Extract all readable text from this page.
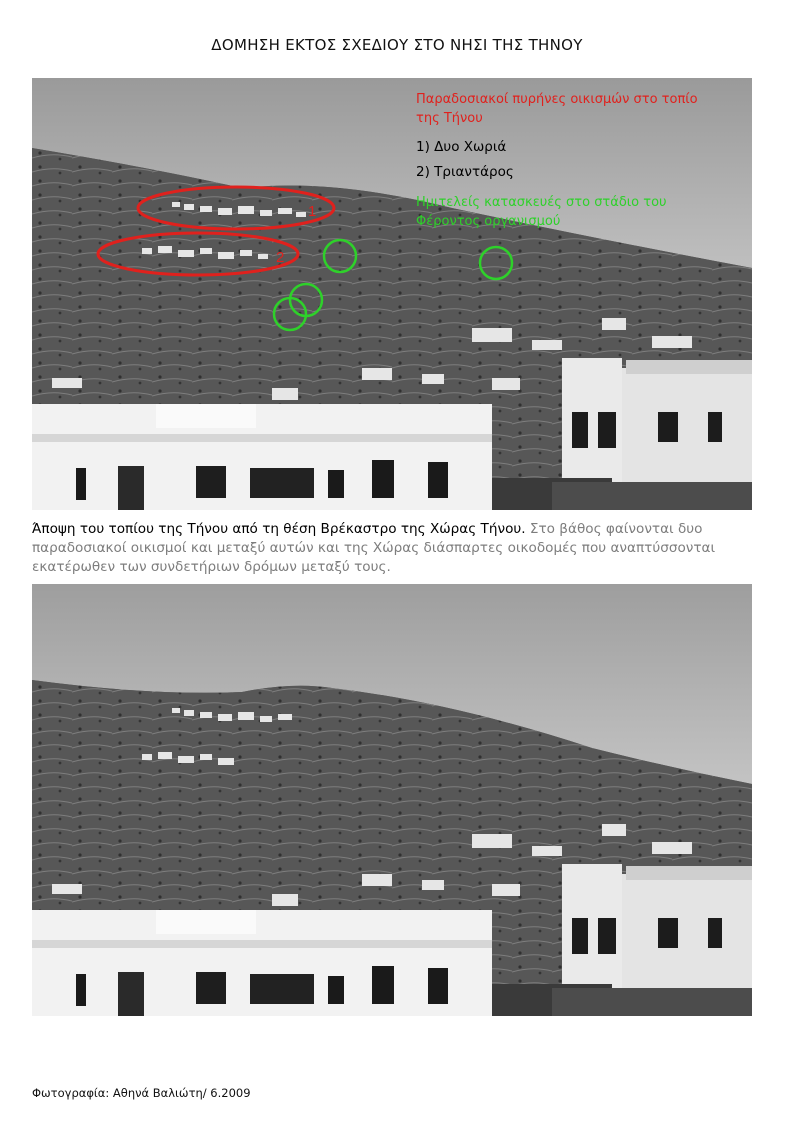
ΔΟΜΗΣΗ ΕΚΤΟΣ ΣΧΕΔΙΟΥ ΣΤΟ ΝΗΣΙ ΤΗΣ ΤΗΝΟΥ
1
2
Παραδοσιακοί πυρήνες οικισμών στο τοπίο της Τήνου
1) Δυο Χωριά
2) Τριαντάρος
Ημιτελείς κατασκευές στο στάδιο του Φέροντος οργανισμού
Άποψη του τοπίου της Τήνου από τη θέση Βρέκαστρο της Χώρας Τήνου. Στο βάθος φαίνονται δυο παραδοσιακοί οικισμοί και μεταξύ αυτών και της Χώρας διάσπαρτες οικοδομές που αναπτύσσονται εκατέρωθεν των συνδετήριων δρόμων μεταξύ τους.
Φωτογραφία: Αθηνά Βαλιώτη/ 6.2009
